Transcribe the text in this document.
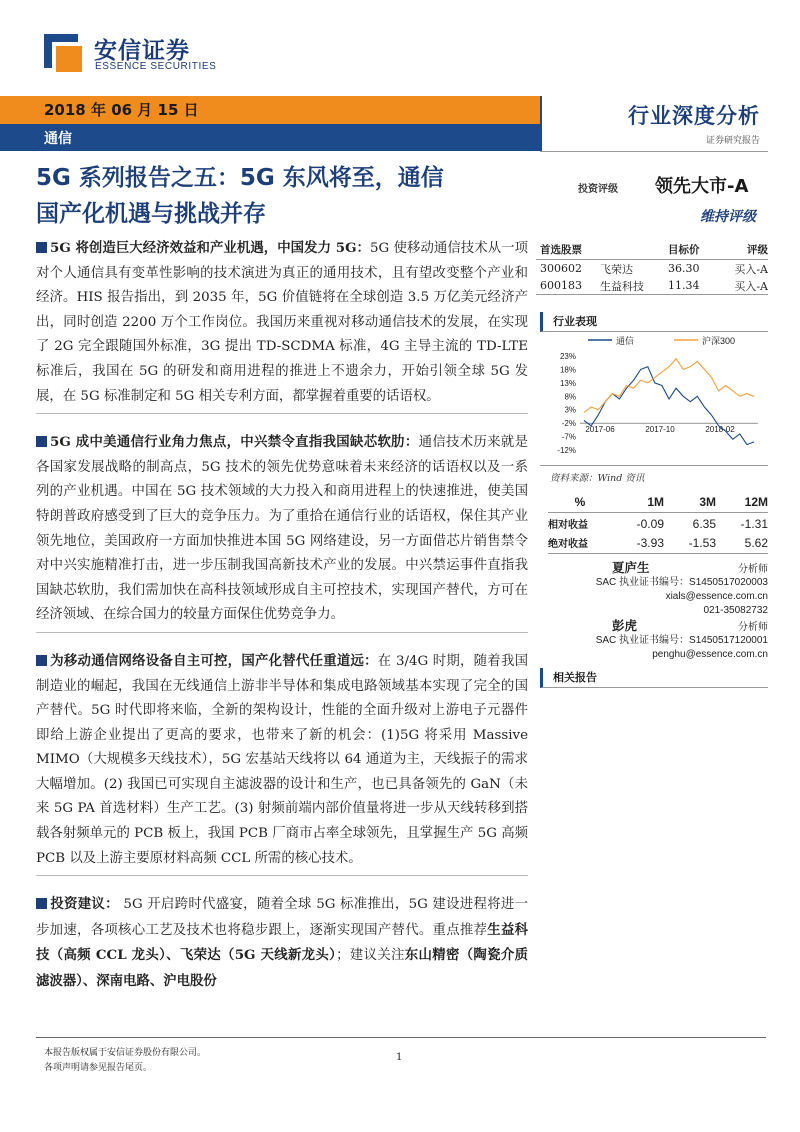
安信证券
ESSENCE SECURITIES
2018 年 06 月 15 日
通信
行业深度分析
证券研究报告
5G 系列报告之五：5G 东风将至，通信
国产化机遇与挑战并存
投资评级 领先大市-A
维持评级
首选股票	目标价	评级
300602	飞荣达	36.30	买入-A
600183	生益科技	11.34	买入-A
行业表现
通信	沪深300
23%
18%
13%
8%
3%
-2%
-7%
-12%
2017-06	2017-10	2018-02
资料来源：Wind 资讯
%	1M	3M	12M
相对收益	-0.09	6.35	-1.31
绝对收益	-3.93	-1.53	5.62
夏庐生	分析师
SAC 执业证书编号：S1450517020003
xials@essence.com.cn
021-35082732
彭虎	分析师
SAC 执业证书编号：S1450517120001
penghu@essence.com.cn
相关报告
5G 将创造巨大经济效益和产业机遇，中国发力 5G：5G 使移动通信技术从一项对个人通信具有变革性影响的技术演进为真正的通用技术，且有望改变整个产业和经济。HIS 报告指出，到 2035 年，5G 价值链将在全球创造 3.5 万亿美元经济产出，同时创造 2200 万个工作岗位。我国历来重视对移动通信技术的发展，在实现了 2G 完全跟随国外标准，3G 提出 TD-SCDMA 标准，4G 主导主流的 TD-LTE 标准后，我国在 5G 的研发和商用进程的推进上不遗余力，开始引领全球 5G 发展，在 5G 标准制定和 5G 相关专利方面，都掌握着重要的话语权。
5G 成中美通信行业角力焦点，中兴禁令直指我国缺芯软肋：通信技术历来就是各国家发展战略的制高点，5G 技术的领先优势意味着未来经济的话语权以及一系列的产业机遇。中国在 5G 技术领域的大力投入和商用进程上的快速推进，使美国特朗普政府感受到了巨大的竞争压力。为了重拾在通信行业的话语权，保住其产业领先地位，美国政府一方面加快推进本国 5G 网络建设，另一方面借芯片销售禁令对中兴实施精准打击，进一步压制我国高新技术产业的发展。中兴禁运事件直指我国缺芯软肋，我们需加快在高科技领域形成自主可控技术，实现国产替代，方可在经济领域、在综合国力的较量方面保住优势竞争力。
为移动通信网络设备自主可控，国产化替代任重道远：在 3/4G 时期，随着我国制造业的崛起，我国在无线通信上游非半导体和集成电路领域基本实现了完全的国产替代。5G 时代即将来临，全新的架构设计，性能的全面升级对上游电子元器件即给上游企业提出了更高的要求，也带来了新的机会：(1)5G 将采用 Massive MIMO（大规模多天线技术），5G 宏基站天线将以 64 通道为主，天线振子的需求大幅增加。(2) 我国已可实现自主滤波器的设计和生产，也已具备领先的 GaN（未来 5G PA 首选材料）生产工艺。(3) 射频前端内部价值量将进一步从天线转移到搭载各射频单元的 PCB 板上，我国 PCB 厂商市占率全球领先，且掌握生产 5G 高频 PCB 以及上游主要原材料高频 CCL 所需的核心技术。
投资建议： 5G 开启跨时代盛宴，随着全球 5G 标准推出，5G 建设进程将进一步加速，各项核心工艺及技术也将稳步跟上，逐渐实现国产替代。重点推荐生益科技（高频 CCL 龙头）、飞荣达（5G 天线新龙头）；建议关注东山精密（陶瓷介质滤波器）、深南电路、沪电股份
本报告版权属于安信证券股份有限公司。
各项声明请参见报告尾页。
1
